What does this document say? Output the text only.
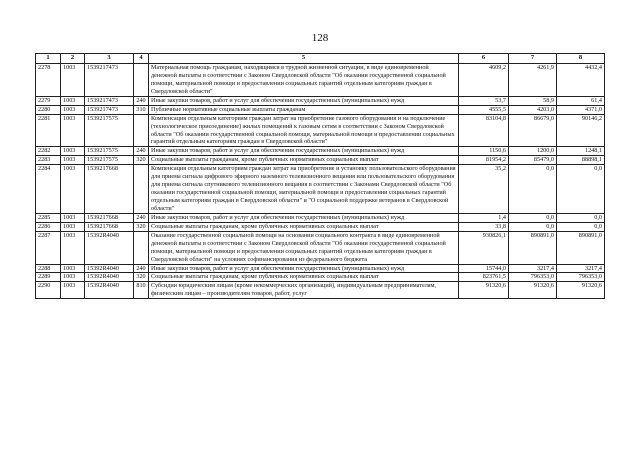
128
1	2	3	4	5	6	7	8
2278	1003	1539217473		Материальная помощь гражданам, находящимся в трудной жизненной ситуации, в виде единовременной денежной выплаты в соответствии с Законом Свердловской области "Об оказании государственной социальной помощи, материальной помощи и предоставлении социальных гарантий отдельным категориям граждан в Свердловской области"	4609,2	4261,9	4432,4
2279	1003	1539217473	240	Иные закупки товаров, работ и услуг для обеспечения государственных (муниципальных) нужд	53,7	58,9	61,4
2280	1003	1539217473	310	Публичные нормативные социальные выплаты гражданам	4555,5	4203,0	4371,0
2281	1003	1539217575		Компенсация отдельным категориям граждан затрат на приобретение газового оборудования и на подключение (технологическое присоединение) жилых помещений к газовым сетям в соответствии с Законом Свердловской области "Об оказании государственной социальной помощи, материальной помощи и предоставлении социальных гарантий отдельным категориям граждан в Свердловской области"	83104,8	86679,0	90146,2
2282	1003	1539217575	240	Иные закупки товаров, работ и услуг для обеспечения государственных (муниципальных) нужд	1150,6	1200,0	1248,1
2283	1003	1539217575	320	Социальные выплаты гражданам, кроме публичных нормативных социальных выплат	81954,2	85479,0	88898,1
2284	1003	1539217668		Компенсация отдельным категориям граждан затрат на приобретение и установку пользовательского оборудования для приема сигнала цифрового эфирного наземного телевизионного вещания или пользовательского оборудования для приема сигнала спутникового телевизионного вещания в соответствии с Законами Свердловской области "Об оказании государственной социальной помощи, материальной помощи и предоставлении социальных гарантий отдельным категориям граждан в Свердловской области" и "О социальной поддержке ветеранов в Свердловской области"	35,2	0,0	0,0
2285	1003	1539217668	240	Иные закупки товаров, работ и услуг для обеспечения государственных (муниципальных) нужд	1,4	0,0	0,0
2286	1003	1539217668	320	Социальные выплаты гражданам, кроме публичных нормативных социальных выплат	33,8	0,0	0,0
2287	1003	15392R4040		Оказание государственной социальной помощи на основании социального контракта в виде единовременной денежной выплаты в соответствии с Законом Свердловской области "Об оказании государственной социальной помощи, материальной помощи и предоставлении социальных гарантий отдельным категориям граждан в Свердловской области" на условиях софинансирования из федерального бюджета	930826,1	890891,0	890891,0
2288	1003	15392R4040	240	Иные закупки товаров, работ и услуг для обеспечения государственных (муниципальных) нужд	15744,0	3217,4	3217,4
2289	1003	15392R4040	320	Социальные выплаты гражданам, кроме публичных нормативных социальных выплат	823761,5	796353,0	796353,0
2290	1003	15392R4040	810	Субсидии юридическим лицам (кроме некоммерческих организаций), индивидуальным предпринимателям, физическим лицам – производителям товаров, работ, услуг	91320,6	91320,6	91320,6
